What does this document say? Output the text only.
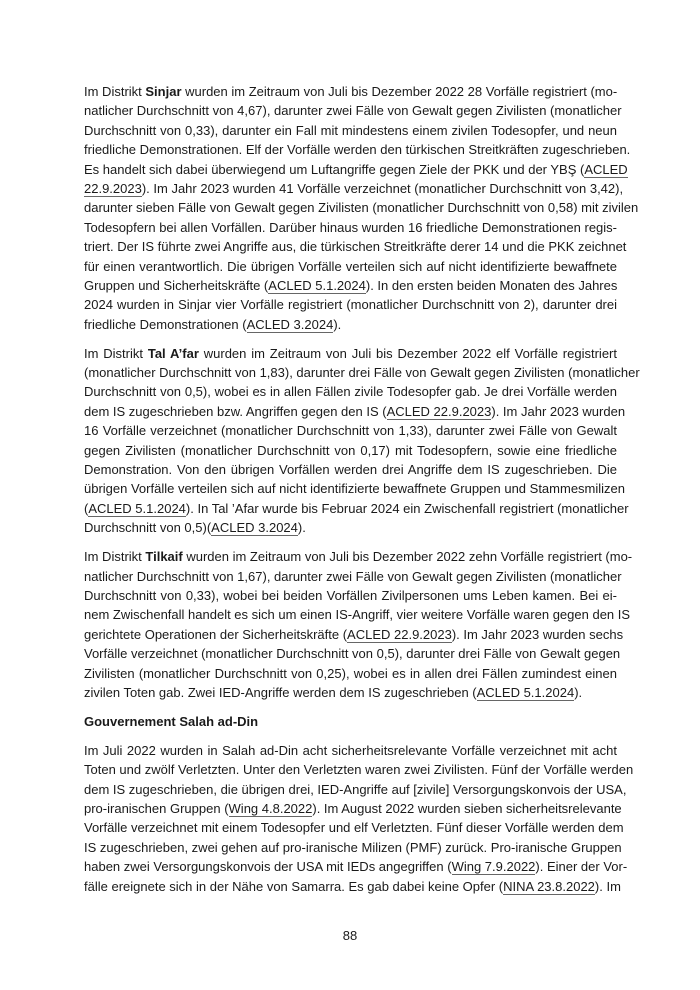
Im Distrikt Sinjar wurden im Zeitraum von Juli bis Dezember 2022 28 Vorfälle registriert (mo-
natlicher Durchschnitt von 4,67), darunter zwei Fälle von Gewalt gegen Zivilisten (monatlicher
Durchschnitt von 0,33), darunter ein Fall mit mindestens einem zivilen Todesopfer, und neun
friedliche Demonstrationen. Elf der Vorfälle werden den türkischen Streitkräften zugeschrieben.
Es handelt sich dabei überwiegend um Luftangriffe gegen Ziele der PKK und der YBŞ (ACLED
22.9.2023). Im Jahr 2023 wurden 41 Vorfälle verzeichnet (monatlicher Durchschnitt von 3,42),
darunter sieben Fälle von Gewalt gegen Zivilisten (monatlicher Durchschnitt von 0,58) mit zivilen
Todesopfern bei allen Vorfällen. Darüber hinaus wurden 16 friedliche Demonstrationen regis-
triert. Der IS führte zwei Angriffe aus, die türkischen Streitkräfte derer 14 und die PKK zeichnet
für einen verantwortlich. Die übrigen Vorfälle verteilen sich auf nicht identifizierte bewaffnete
Gruppen und Sicherheitskräfte (ACLED 5.1.2024). In den ersten beiden Monaten des Jahres
2024 wurden in Sinjar vier Vorfälle registriert (monatlicher Durchschnitt von 2), darunter drei
friedliche Demonstrationen (ACLED 3.2024).
Im Distrikt Tal A’far wurden im Zeitraum von Juli bis Dezember 2022 elf Vorfälle registriert
(monatlicher Durchschnitt von 1,83), darunter drei Fälle von Gewalt gegen Zivilisten (monatlicher
Durchschnitt von 0,5), wobei es in allen Fällen zivile Todesopfer gab. Je drei Vorfälle werden
dem IS zugeschrieben bzw. Angriffen gegen den IS (ACLED 22.9.2023). Im Jahr 2023 wurden
16 Vorfälle verzeichnet (monatlicher Durchschnitt von 1,33), darunter zwei Fälle von Gewalt
gegen Zivilisten (monatlicher Durchschnitt von 0,17) mit Todesopfern, sowie eine friedliche
Demonstration. Von den übrigen Vorfällen werden drei Angriffe dem IS zugeschrieben. Die
übrigen Vorfälle verteilen sich auf nicht identifizierte bewaffnete Gruppen und Stammesmilizen
(ACLED 5.1.2024). In Tal ’Afar wurde bis Februar 2024 ein Zwischenfall registriert (monatlicher
Durchschnitt von 0,5)(ACLED 3.2024).
Im Distrikt Tilkaif wurden im Zeitraum von Juli bis Dezember 2022 zehn Vorfälle registriert (mo-
natlicher Durchschnitt von 1,67), darunter zwei Fälle von Gewalt gegen Zivilisten (monatlicher
Durchschnitt von 0,33), wobei bei beiden Vorfällen Zivilpersonen ums Leben kamen. Bei ei-
nem Zwischenfall handelt es sich um einen IS-Angriff, vier weitere Vorfälle waren gegen den IS
gerichtete Operationen der Sicherheitskräfte (ACLED 22.9.2023). Im Jahr 2023 wurden sechs
Vorfälle verzeichnet (monatlicher Durchschnitt von 0,5), darunter drei Fälle von Gewalt gegen
Zivilisten (monatlicher Durchschnitt von 0,25), wobei es in allen drei Fällen zumindest einen
zivilen Toten gab. Zwei IED-Angriffe werden dem IS zugeschrieben (ACLED 5.1.2024).
Gouvernement Salah ad-Din
Im Juli 2022 wurden in Salah ad-Din acht sicherheitsrelevante Vorfälle verzeichnet mit acht
Toten und zwölf Verletzten. Unter den Verletzten waren zwei Zivilisten. Fünf der Vorfälle werden
dem IS zugeschrieben, die übrigen drei, IED-Angriffe auf [zivile] Versorgungskonvois der USA,
pro-iranischen Gruppen (Wing 4.8.2022). Im August 2022 wurden sieben sicherheitsrelevante
Vorfälle verzeichnet mit einem Todesopfer und elf Verletzten. Fünf dieser Vorfälle werden dem
IS zugeschrieben, zwei gehen auf pro-iranische Milizen (PMF) zurück. Pro-iranische Gruppen
haben zwei Versorgungskonvois der USA mit IEDs angegriffen (Wing 7.9.2022). Einer der Vor-
fälle ereignete sich in der Nähe von Samarra. Es gab dabei keine Opfer (NINA 23.8.2022). Im
88
